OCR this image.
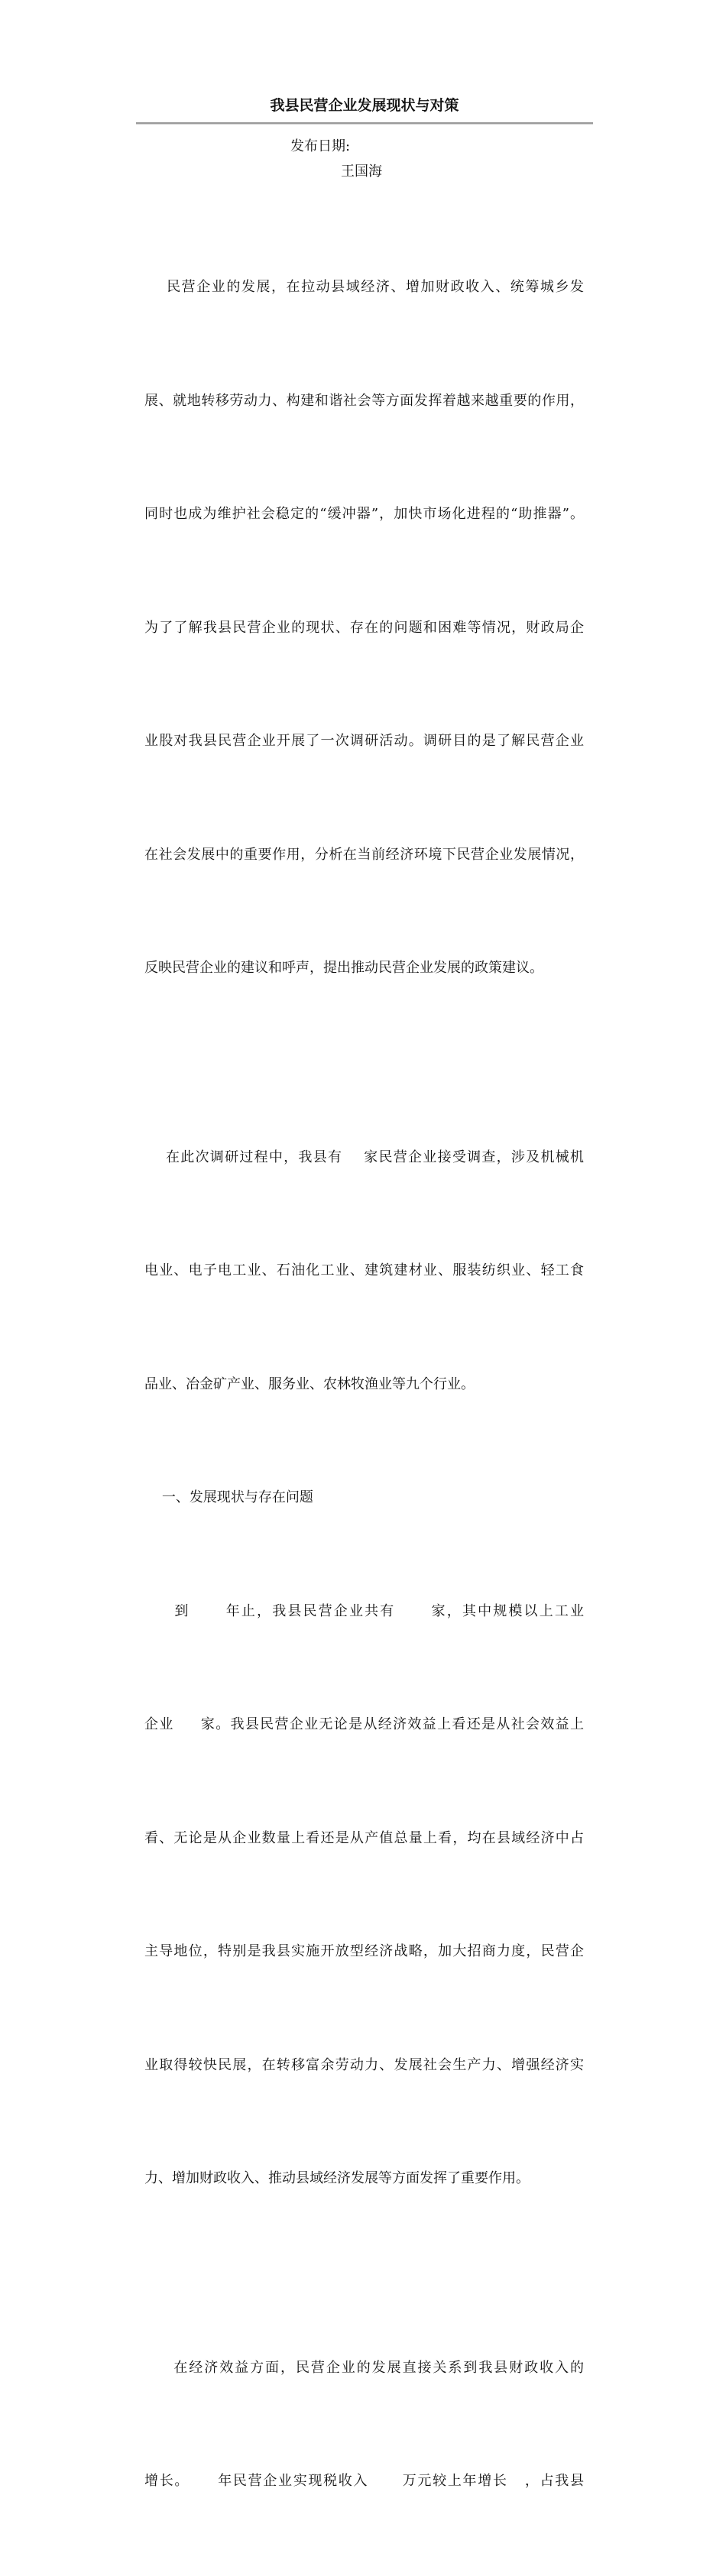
我县民营企业发展现状与对策
发布日期:
王国海

民营企业的发展，在拉动县域经济、增加财政收入、统筹城乡发

展、就地转移劳动力、构建和谐社会等方面发挥着越来越重要的作用，

同时也成为维护社会稳定的“缓冲器”，加快市场化进程的“助推器”。

为了了解我县民营企业的现状、存在的问题和困难等情况，财政局企

业股对我县民营企业开展了一次调研活动。调研目的是了解民营企业

在社会发展中的重要作用，分析在当前经济环境下民营企业发展情况，

反映民营企业的建议和呼声，提出推动民营企业发展的政策建议。

在此次调研过程中，我县有    家民营企业接受调查，涉及机械机

电业、电子电工业、石油化工业、建筑建材业、服装纺织业、轻工食

品业、冶金矿产业、服务业、农林牧渔业等九个行业。

一、发展现状与存在问题

到      年止，我县民营企业共有      家，其中规模以上工业

企业     家。我县民营企业无论是从经济效益上看还是从社会效益上

看、无论是从企业数量上看还是从产值总量上看，均在县域经济中占

主导地位，特别是我县实施开放型经济战略，加大招商力度，民营企

业取得较快民展，在转移富余劳动力、发展社会生产力、增强经济实

力、增加财政收入、推动县域经济发展等方面发挥了重要作用。

在经济效益方面，民营企业的发展直接关系到我县财政收入的

增长。     年民营企业实现税收入      万元较上年增长   ，占我县
